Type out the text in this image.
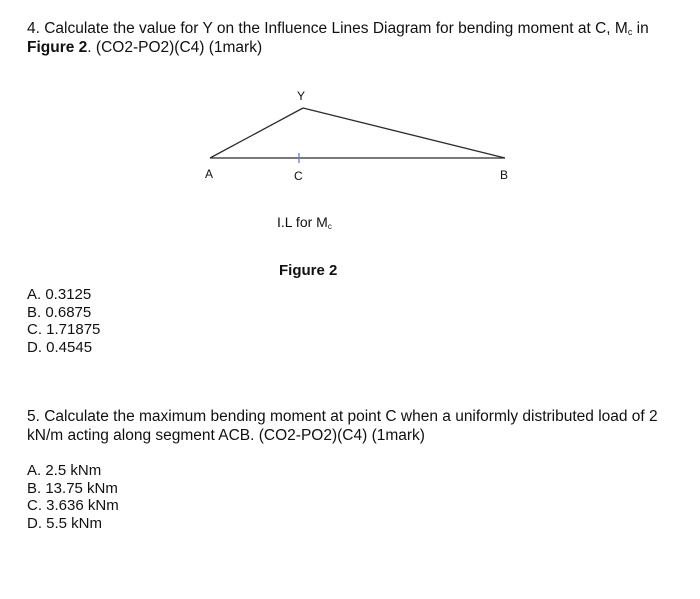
4. Calculate the value for Y on the Influence Lines Diagram for bending moment at C, $M_c$ in
Figure 2. (CO2-PO2)(C4) (1mark)
Y
A	C	B
I.L for Mc
Figure 2
A. 0.3125
B. 0.6875
C. 1.71875
D. 0.4545
5. Calculate the maximum bending moment at point C when a uniformly distributed load of 2
kN/m acting along segment ACB. (CO2-PO2)(C4) (1mark)
A. 2.5 kNm
B. 13.75 kNm
C. 3.636 kNm
D. 5.5 kNm
